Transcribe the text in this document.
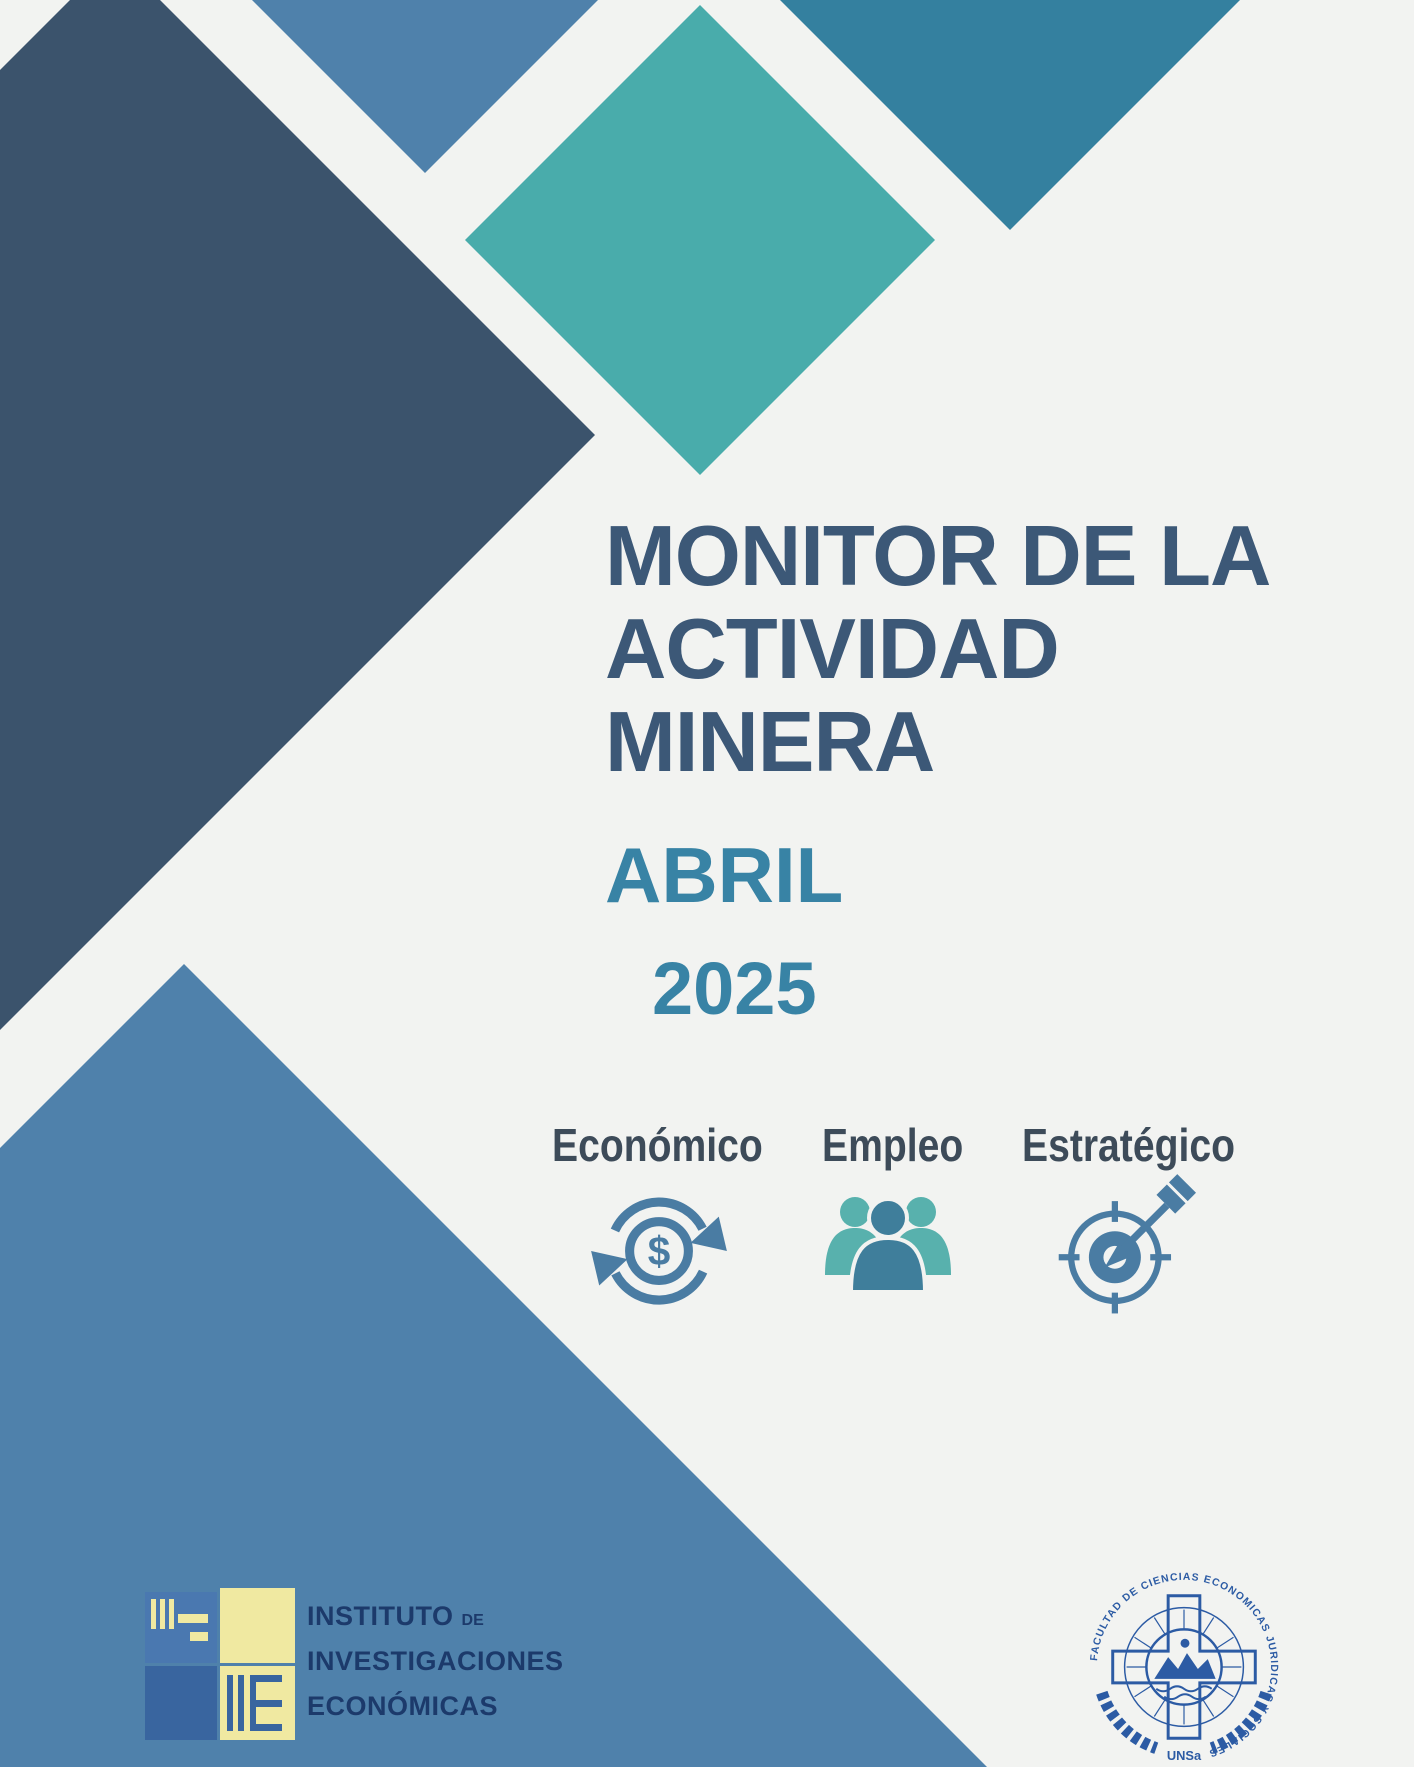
MONITOR DE LA
ACTIVIDAD
MINERA
ABRIL
2025
Económico Empleo Estratégico
$
INSTITUTO DE
INVESTIGACIONES
ECONÓMICAS
FACULTAD DE CIENCIAS ECONOMICAS JURIDICAS Y SOCIALES
UNSa
